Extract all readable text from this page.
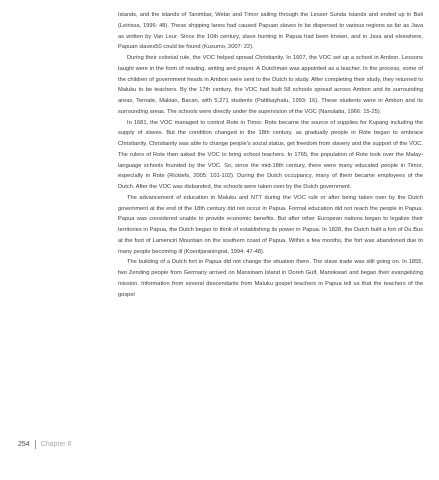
Islands, and the islands of Tanimbar, Wetar and Timor sailing through the Lesser Sunda Islands and ended up in Bali (Leirissa, 1996: 48). These shipping lanes had caused Papuan slaves to be dispersed to various regions as far as Java as written by Van Leur. Since the 10th century, slave hunting in Papua had been known, and in Java and elsewhere, Papuan slaves50 could be found (Kusumo, 2007: 22).

During their colonial rule, the VOC helped spread Christianity. In 1607, the VOC set up a school in Ambon. Lessons taught were in the form of reading, writing and prayer. A Dutchman was appointed as a teacher. In the process, some of the children of government heads in Ambon were sent to the Dutch to study. After completing their study, they returned to Maluku to be teachers. By the 17th century, the VOC had built 58 schools spread across Ambon and its surrounding areas, Ternate, Makian, Bacan, with 5,271 students (Pattikayhatu, 1993: 16). These students were in Ambon and its surrounding areas. The schools were directly under the supervision of the VOC (Nanulaita, 1966: 15-25).

In 1681, the VOC managed to control Rote in Timor. Rote became the source of supplies for Kupang including the supply of slaves. But the condition changed in the 18th century, as gradually people in Rote began to embrace Christianity. Christianity was able to change people's social status, get freedom from slavery and the support of the VOC. The rulers of Rote then asked the VOC to bring school teachers. In 1765, the population of Rote took over the Malay-language schools founded by the VOC. So, since the mid-18th century, there were many educated people in Timor, especially in Rote (Ricklefs, 2005: 101-102). During the Dutch occupancy, many of them became employees of the Dutch. After the VOC was disbanded, the schools were taken over by the Dutch government.

The advancement of education in Maluku and NTT during the VOC rule or after being taken over by the Dutch government at the end of the 18th century did not occur in Papua. Formal education did not reach the people in Papua. Papua was considered unable to provide economic benefits. But after other European nations began to legalize their territories in Papua, the Dutch began to think of establishing its power in Papua. In 1828, the Dutch built a fort of Du Bus at the foot of Lamenciri Mountain on the southern coast of Papua. Within a few months, the fort was abandoned due to many people becoming ill (Koentjaraningrat, 1994: 47-48).

The building of a Dutch fort in Papua did not change the situation there. The slave trade was still going on. In 1855, two Zending people from Germany arrived on Mansinam Island in Doreh Gulf, Manokwari and began their evangelizing mission. Information from several descendants from Maluku gospel teachers in Papua tell us that the teachers of the gospel

254 Chapter 6
